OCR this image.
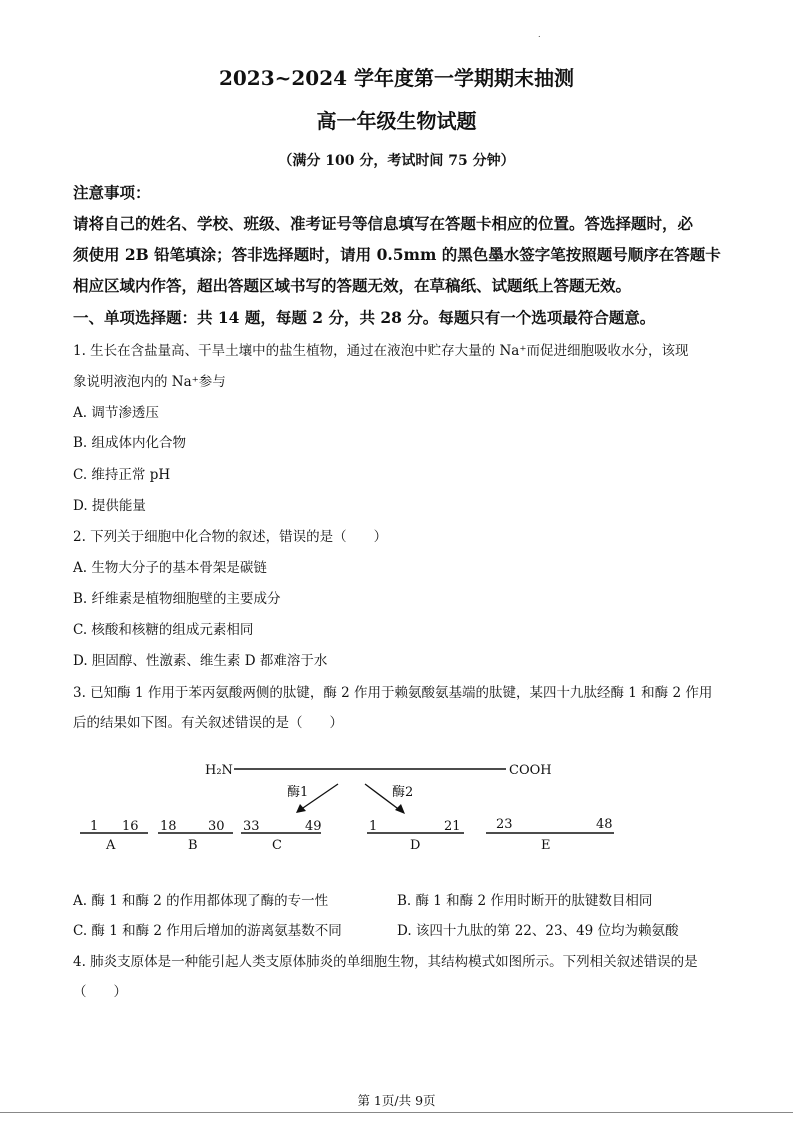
.
2023~2024 学年度第一学期期末抽测
高一年级生物试题
（满分 100 分，考试时间 75 分钟）
注意事项：
请将自己的姓名、学校、班级、准考证号等信息填写在答题卡相应的位置。答选择题时，必
须使用 2B 铅笔填涂；答非选择题时，请用 0.5mm 的黑色墨水签字笔按照题号顺序在答题卡
相应区域内作答，超出答题区域书写的答题无效，在草稿纸、试题纸上答题无效。
一、单项选择题：共 14 题，每题 2 分，共 28 分。每题只有一个选项最符合题意。
1. 生长在含盐量高、干旱土壤中的盐生植物，通过在液泡中贮存大量的 Na⁺而促进细胞吸收水分，该现
象说明液泡内的 Na⁺参与
A. 调节渗透压
B. 组成体内化合物
C. 维持正常 pH
D. 提供能量
2. 下列关于细胞中化合物的叙述，错误的是（　　）
A. 生物大分子的基本骨架是碳链
B. 纤维素是植物细胞壁的主要成分
C. 核酸和核糖的组成元素相同
D. 胆固醇、性激素、维生素 D 都难溶于水
3. 已知酶 1 作用于苯丙氨酸两侧的肽键，酶 2 作用于赖氨酸氨基端的肽键，某四十九肽经酶 1 和酶 2 作用
后的结果如下图。有关叙述错误的是（　　）
H₂N	COOH
酶1	酶2
1 16
A
18 30
B
33	49
C
1	21
D
23	48
E
A. 酶 1 和酶 2 的作用都体现了酶的专一性	B. 酶 1 和酶 2 作用时断开的肽键数目相同
C. 酶 1 和酶 2 作用后增加的游离氨基数不同	D. 该四十九肽的第 22、23、49 位均为赖氨酸
4. 肺炎支原体是一种能引起人类支原体肺炎的单细胞生物，其结构模式如图所示。下列相关叙述错误的是
（　　）
第 1页/共 9页
